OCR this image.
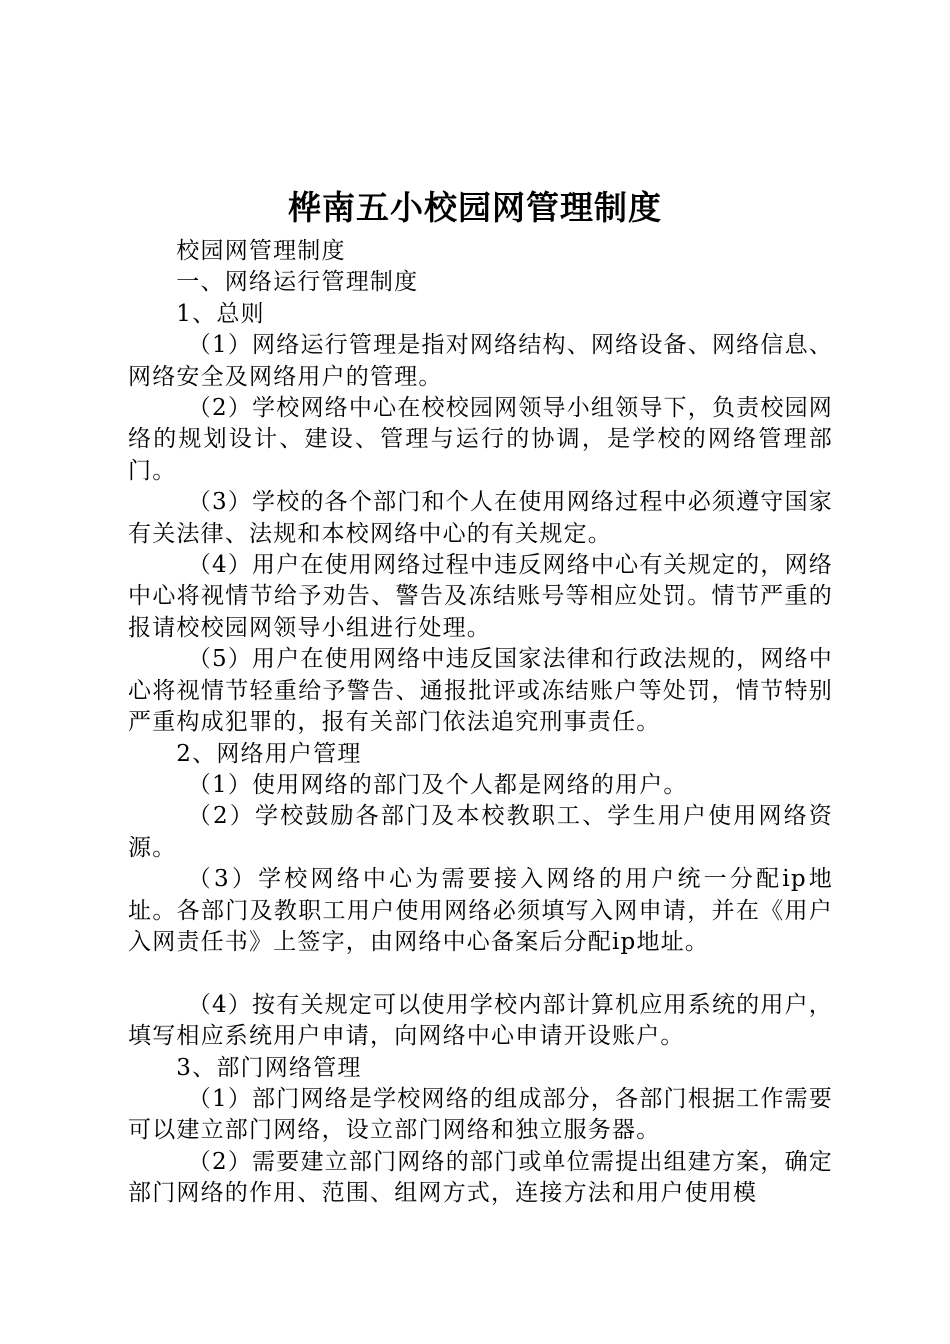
桦南五小校园网管理制度

校园网管理制度

一、网络运行管理制度

1、总则

（1）网络运行管理是指对网络结构、网络设备、网络信息、网络安全及网络用户的管理。

（2）学校网络中心在校校园网领导小组领导下，负责校园网络的规划设计、建设、管理与运行的协调，是学校的网络管理部门。

（3）学校的各个部门和个人在使用网络过程中必须遵守国家有关法律、法规和本校网络中心的有关规定。

（4）用户在使用网络过程中违反网络中心有关规定的，网络中心将视情节给予劝告、警告及冻结账号等相应处罚。情节严重的报请校校园网领导小组进行处理。

（5）用户在使用网络中违反国家法律和行政法规的，网络中心将视情节轻重给予警告、通报批评或冻结账户等处罚，情节特别严重构成犯罪的，报有关部门依法追究刑事责任。

2、网络用户管理

（1）使用网络的部门及个人都是网络的用户。

（2）学校鼓励各部门及本校教职工、学生用户使用网络资源。

（3）学校网络中心为需要接入网络的用户统一分配ip地址。各部门及教职工用户使用网络必须填写入网申请，并在《用户入网责任书》上签字，由网络中心备案后分配ip地址。

（4）按有关规定可以使用学校内部计算机应用系统的用户，填写相应系统用户申请，向网络中心申请开设账户。

3、部门网络管理

（1）部门网络是学校网络的组成部分，各部门根据工作需要可以建立部门网络，设立部门网络和独立服务器。

（2）需要建立部门网络的部门或单位需提出组建方案，确定部门网络的作用、范围、组网方式，连接方法和用户使用模
